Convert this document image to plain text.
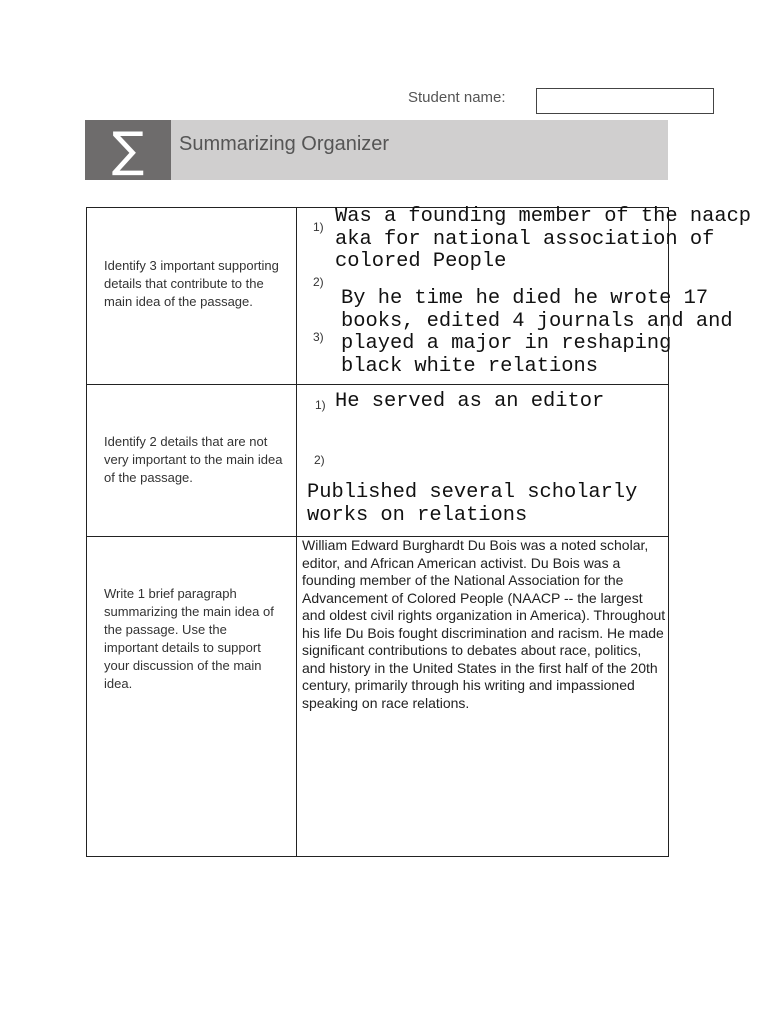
Student name:
∑	Summarizing Organizer
Identify 3 important supporting details that contribute to the main idea of the passage.
1)
2)
3)
Was a founding member of the naacp
aka for national association of
colored People
By he time he died he wrote 17
books, edited 4 journals and and
played a major in reshaping
black white relations
Identify 2 details that are not very important to the main idea of the passage.
1)
2)
He served as an editor
Published several scholarly
works on relations
Write 1 brief paragraph summarizing the main idea of the passage. Use the important details to support your discussion of the main idea.
William Edward Burghardt Du Bois was a noted scholar, editor, and African American activist. Du Bois was a founding member of the National Association for the Advancement of Colored People (NAACP -- the largest and oldest civil rights organization in America). Throughout his life Du Bois fought discrimination and racism. He made significant contributions to debates about race, politics, and history in the United States in the first half of the 20th century, primarily through his writing and impassioned speaking on race relations.
